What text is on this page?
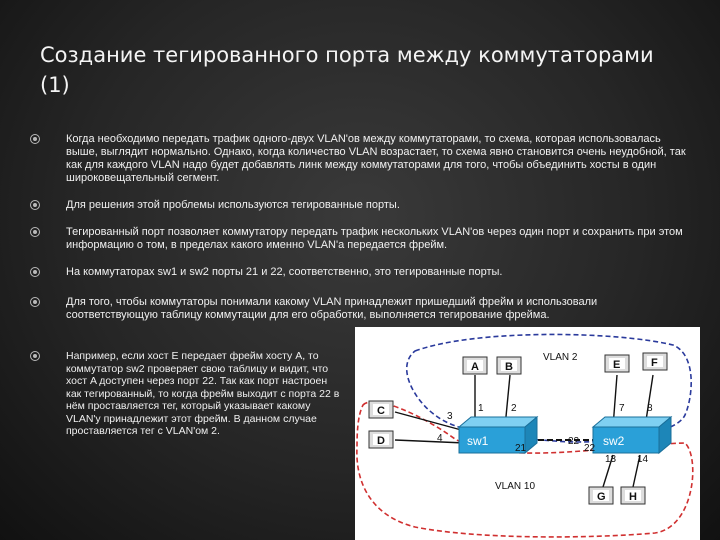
Создание тегированного порта между коммутаторами (1)
Когда необходимо передать трафик одного-двух VLAN'ов между коммутаторами, то схема, которая использовалась выше, выглядит нормально. Однако, когда количество VLAN возрастает, то схема явно становится очень неудобной, так как для каждого VLAN надо будет добавлять линк между коммутаторами для того, чтобы объединить хосты в один широковещательный сегмент.
Для решения этой проблемы используются тегированные порты.
Тегированный порт позволяет коммутатору передать трафик нескольких VLAN'ов через один порт и сохранить при этом информацию о том, в пределах какого именно VLAN'а передается фрейм.
На коммутаторах sw1 и sw2 порты 21 и 22, соответственно, это тегированные порты.
Для того, чтобы коммутаторы понимали какому VLAN принадлежит пришедший фрейм и использовали соответствующую таблицу коммутации для его обработки, выполняется тегирование фрейма.
Например, если хост E передает фрейм хосту A, то коммутатор sw2 проверяет свою таблицу и видит, что хост A доступен через порт 22. Так как порт настроен как тегированный, то когда фрейм выходит с порта 22 в нём проставляется тег, который указывает какому VLAN'у принадлежит этот фрейм. В данном случае проставляется тег с VLAN'ом 2.
VLAN 2
VLAN 10
sw1	sw2
A B
C
D
E	F
G H
1	2
3
4
21
22
22
7 8
13 14
